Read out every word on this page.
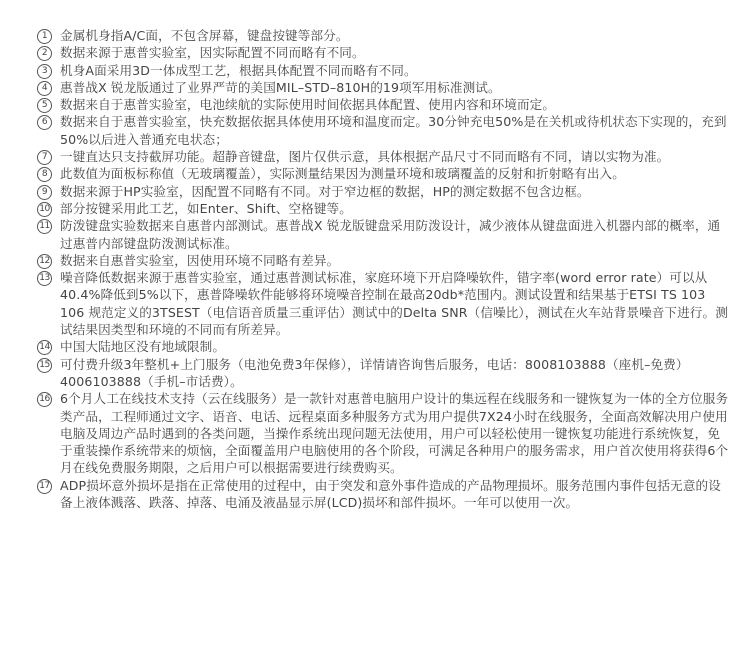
1	金属机身指A/C面，不包含屏幕，键盘按键等部分。
2	数据来源于惠普实验室，因实际配置不同而略有不同。
3	机身A面采用3D一体成型工艺，根据具体配置不同而略有不同。
4	惠普战X 锐龙版通过了业界严苛的美国MIL–STD–810H的19项军用标准测试。
5	数据来自于惠普实验室，电池续航的实际使用时间依据具体配置、使用内容和环境而定。
6	数据来自于惠普实验室，快充数据依据具体使用环境和温度而定。30分钟充电50%是在关机或待机状态下实现的，充到50%以后进入普通充电状态；
7	一键直达只支持截屏功能。超静音键盘，图片仅供示意，具体根据产品尺寸不同而略有不同，请以实物为准。
8	此数值为面板标称值（无玻璃覆盖），实际测量结果因为测量环境和玻璃覆盖的反射和折射略有出入。
9	数据来源于HP实验室，因配置不同略有不同。对于窄边框的数据，HP的测定数据不包含边框。
10 部分按键采用此工艺，如Enter、Shift、空格键等。
11 防泼键盘实验数据来自惠普内部测试。惠普战X 锐龙版键盘采用防泼设计，减少液体从键盘面进入机器内部的概率，通过惠普内部键盘防泼测试标准。
12 数据来自惠普实验室，因使用环境不同略有差异。
13 噪音降低数据来源于惠普实验室，通过惠普测试标准，家庭环境下开启降噪软件，错字率(word error rate）可以从40.4%降低到5%以下，惠普降噪软件能够将环境噪音控制在最高20db*范围内。测试设置和结果基于ETSI TS 103 106 规范定义的3TSEST（电信语音质量三重评估）测试中的Delta SNR（信噪比），测试在火车站背景噪音下进行。测试结果因类型和环境的不同而有所差异。
14 中国大陆地区没有地域限制。
15 可付费升级3年整机+上门服务（电池免费3年保修），详情请咨询售后服务，电话：8008103888（座机–免费）　4006103888（手机–市话费）。
16 6个月人工在线技术支持（云在线服务）是一款针对惠普电脑用户设计的集远程在线服务和一键恢复为一体的全方位服务类产品，工程师通过文字、语音、电话、远程桌面多种服务方式为用户提供7X24小时在线服务，全面高效解决用户使用电脑及周边产品时遇到的各类问题，当操作系统出现问题无法使用，用户可以轻松使用一键恢复功能进行系统恢复，免于重装操作系统带来的烦恼，全面覆盖用户电脑使用的各个阶段，可满足各种用户的服务需求，用户首次使用将获得6个月在线免费服务期限，之后用户可以根据需要进行续费购买。
17 ADP损坏意外损坏是指在正常使用的过程中，由于突发和意外事件造成的产品物理损坏。服务范围内事件包括无意的设备上液体溅落、跌落、掉落、电涌及液晶显示屏(LCD)损坏和部件损坏。一年可以使用一次。
